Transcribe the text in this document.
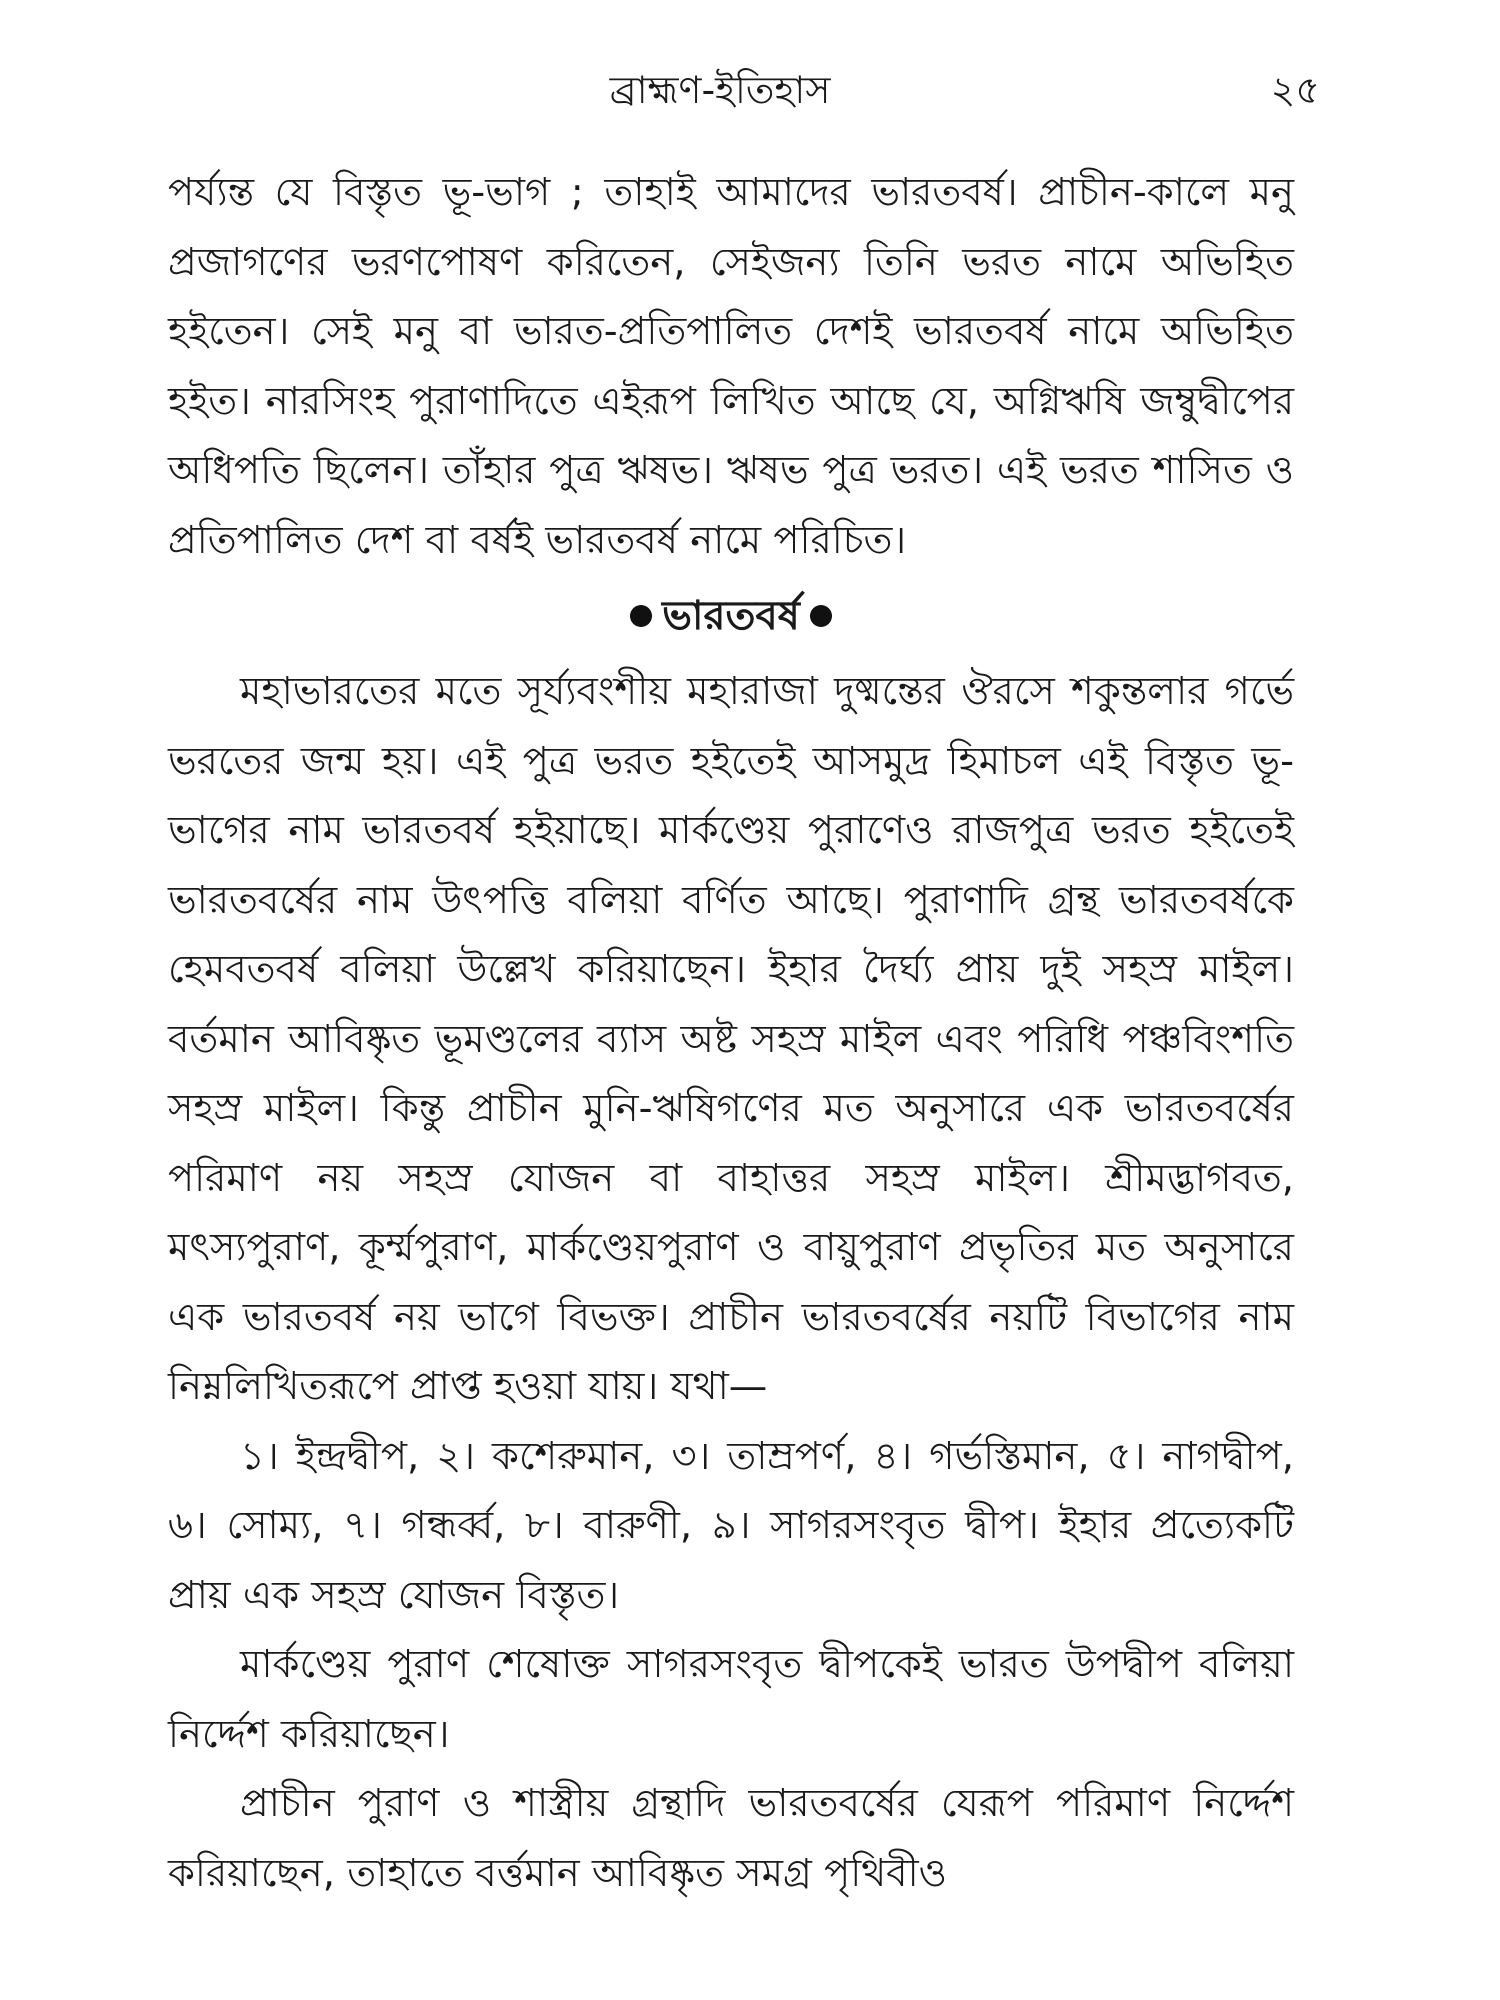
ব্রাহ্মণ-ইতিহাস	২৫

পর্য্যন্ত যে বিস্তৃত ভূ-ভাগ ; তাহাই আমাদের ভারতবর্ষ। প্রাচীন-কালে মনু প্রজাগণের ভরণপোষণ করিতেন, সেইজন্য তিনি ভরত নামে অভিহিত হইতেন। সেই মনু বা ভারত-প্রতিপালিত দেশই ভারতবর্ষ নামে অভিহিত হইত। নারসিংহ পুরাণাদিতে এইরূপ লিখিত আছে যে, অগ্নিঋষি জম্বুদ্বীপের অধিপতি ছিলেন। তাঁহার পুত্র ঋষভ। ঋষভ পুত্র ভরত। এই ভরত শাসিত ও প্রতিপালিত দেশ বা বর্ষই ভারতবর্ষ নামে পরিচিত।

ভারতবর্ষ

মহাভারতের মতে সূর্য্যবংশীয় মহারাজা দুষ্মন্তের ঔরসে শকুন্তলার গর্ভে ভরতের জন্ম হয়। এই পুত্র ভরত হইতেই আসমুদ্র হিমাচল এই বিস্তৃত ভূ-ভাগের নাম ভারতবর্ষ হইয়াছে। মার্কণ্ডেয় পুরাণেও রাজপুত্র ভরত হইতেই ভারতবর্ষের নাম উৎপত্তি বলিয়া বর্ণিত আছে। পুরাণাদি গ্রন্থ ভারতবর্ষকে হেমবতবর্ষ বলিয়া উল্লেখ করিয়াছেন। ইহার দৈর্ঘ্য প্রায় দুই সহস্র মাইল। বর্তমান আবিষ্কৃত ভূমণ্ডলের ব্যাস অষ্ট সহস্র মাইল এবং পরিধি পঞ্চবিংশতি সহস্র মাইল। কিন্তু প্রাচীন মুনি-ঋষিগণের মত অনুসারে এক ভারতবর্ষের পরিমাণ নয় সহস্র যোজন বা বাহাত্তর সহস্র মাইল। শ্রীমদ্ভাগবত, মৎস্যপুরাণ, কূর্ম্মপুরাণ, মার্কণ্ডেয়পুরাণ ও বায়ুপুরাণ প্রভৃতির মত অনুসারে এক ভারতবর্ষ নয় ভাগে বিভক্ত। প্রাচীন ভারতবর্ষের নয়টি বিভাগের নাম নিম্নলিখিতরূপে প্রাপ্ত হওয়া যায়। যথা—

১। ইন্দ্রদ্বীপ, ২। কশেরুমান, ৩। তাম্রপর্ণ, ৪। গর্ভস্তিমান, ৫। নাগদ্বীপ, ৬। সোম্য, ৭। গন্ধর্ব্ব, ৮। বারুণী, ৯। সাগরসংবৃত দ্বীপ। ইহার প্রত্যেকটি প্রায় এক সহস্র যোজন বিস্তৃত।

মার্কণ্ডেয় পুরাণ শেষোক্ত সাগরসংবৃত দ্বীপকেই ভারত উপদ্বীপ বলিয়া নির্দ্দেশ করিয়াছেন।

প্রাচীন পুরাণ ও শাস্ত্রীয় গ্রন্থাদি ভারতবর্ষের যেরূপ পরিমাণ নির্দ্দেশ করিয়াছেন, তাহাতে বর্ত্তমান আবিষ্কৃত সমগ্র পৃথিবীও
